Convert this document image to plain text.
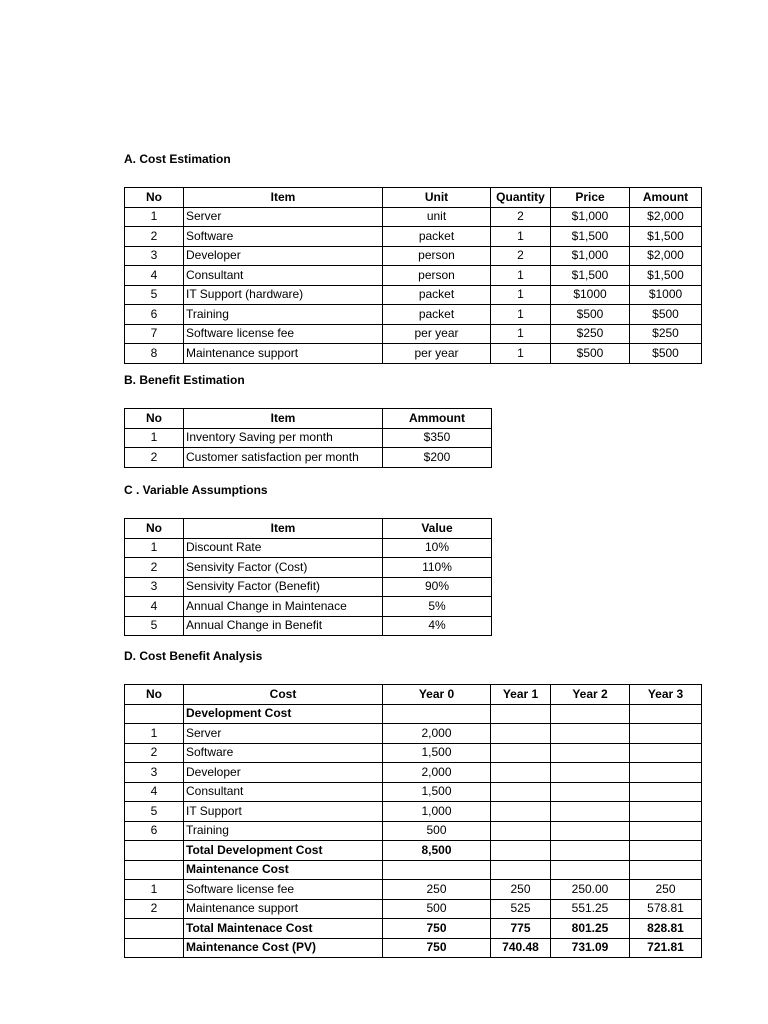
A. Cost Estimation
No	Item	Unit	Quantity	Price	Amount
1	Server	unit	2	$1,000	$2,000
2	Software	packet	1	$1,500	$1,500
3	Developer	person	2	$1,000	$2,000
4	Consultant	person	1	$1,500	$1,500
5	IT Support (hardware)	packet	1	$1000	$1000
6	Training	packet	1	$500	$500
7	Software license fee	per year	1	$250	$250
8	Maintenance support	per year	1	$500	$500
B. Benefit Estimation
No	Item	Ammount
1	Inventory Saving per month	$350
2	Customer satisfaction per month	$200
C . Variable Assumptions
No	Item	Value
1	Discount Rate	10%
2	Sensivity Factor (Cost)	110%
3	Sensivity Factor (Benefit)	90%
4	Annual Change in Maintenace	5%
5	Annual Change in Benefit	4%
D. Cost Benefit Analysis
No	Cost	Year 0	Year 1	Year 2	Year 3
	Development Cost				
1	Server	2,000			
2	Software	1,500			
3	Developer	2,000			
4	Consultant	1,500			
5	IT Support	1,000			
6	Training	500			
	Total Development Cost	8,500			
	Maintenance Cost				
1	Software license fee	250	250	250.00	250
2	Maintenance support	500	525	551.25	578.81
	Total Maintenace Cost	750	775	801.25	828.81
	Maintenance Cost (PV)	750	740.48	731.09	721.81
